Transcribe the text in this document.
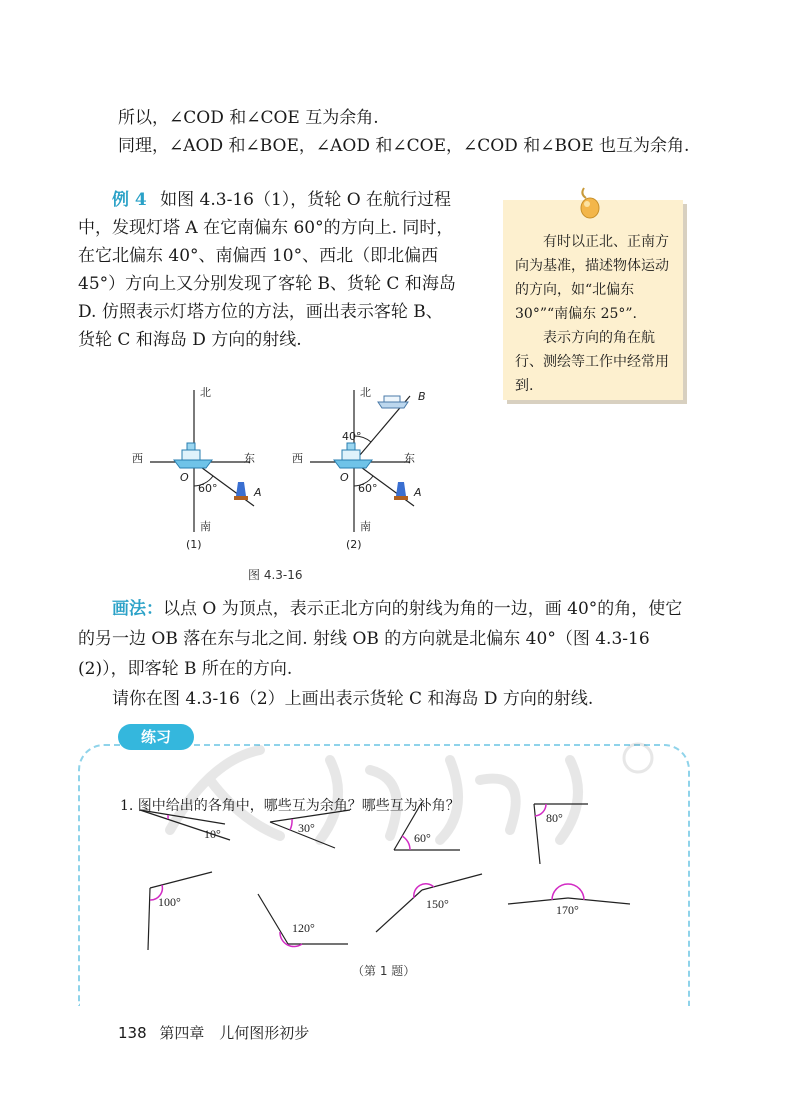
所以，∠COD 和∠COE 互为余角.
同理，∠AOD 和∠BOE，∠AOD 和∠COE，∠COD 和∠BOE 也互为余角.
例 4 如图 4.3-16（1），货轮 O 在航行过程
中，发现灯塔 A 在它南偏东 60°的方向上. 同时，
在它北偏东 40°、南偏西 10°、西北（即北偏西
45°）方向上又分别发现了客轮 B、货轮 C 和海岛
D. 仿照表示灯塔方位的方法，画出表示客轮 B、
货轮 C 和海岛 D 方向的射线.

有时以正北、正南方向为基准，描述物体运动的方向，如“北偏东 30°”“南偏东 25°”.

表示方向的角在航行、测绘等工作中经常用到.

北
南
东
西
O
60°	A
(1)
北
南
东
西
O
60°
40°
A
B
(2)
图 4.3-16
画法：以点 O 为顶点，表示正北方向的射线为角的一边，画 40°的角，使它
的另一边 OB 落在东与北之间. 射线 OB 的方向就是北偏东 40°（图 4.3-16
(2)），即客轮 B 所在的方向.
请你在图 4.3-16（2）上画出表示货轮 C 和海岛 D 方向的射线.
练习
1. 图中给出的各角中，哪些互为余角？哪些互为补角？
10°	30°
60°
80°
100°
120°
150°	170°
（第 1 题）
138 第四章 儿何图形初步
